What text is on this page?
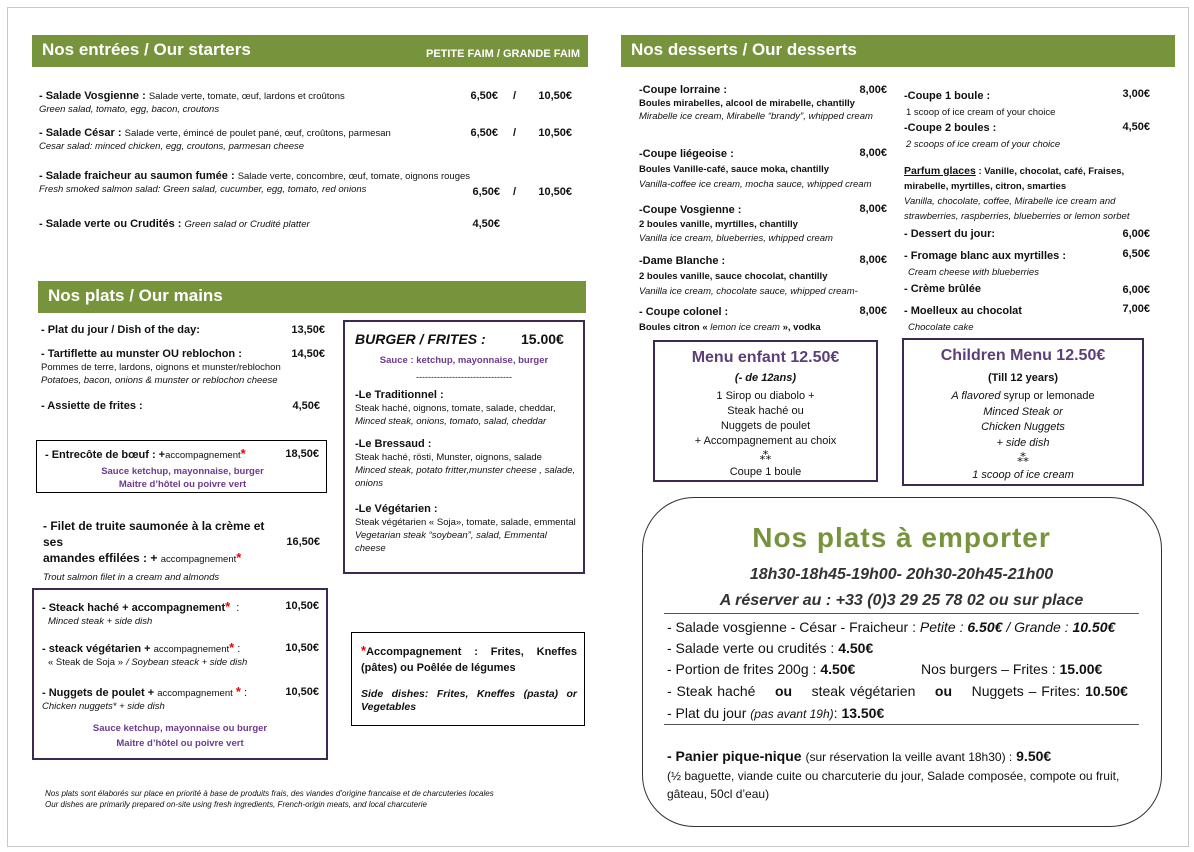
Nos entrées / Our starters	PETITE FAIM / GRANDE FAIM
- Salade Vosgienne : Salade verte, tomate, œuf, lardons et croûtons
Green salad, tomato, egg, bacon, croutons
6,50€	/	10,50€
- Salade César : Salade verte, émincé de poulet pané, œuf, croûtons, parmesan
Cesar salad: minced chicken, egg, croutons, parmesan cheese
6,50€	/	10,50€
- Salade fraicheur au saumon fumée : Salade verte, concombre, œuf, tomate, oignons rouges
Fresh smoked salmon salad: Green salad, cucumber, egg, tomato, red onions	6,50€	/	10,50€
- Salade verte ou Crudités : Green salad or Crudité platter	4,50€
Nos plats / Our mains
- Plat du jour / Dish of the day:	13,50€
- Tartiflette au munster OU reblochon :
Pommes de terre, lardons, oignons et munster/reblochon
Potatoes, bacon, onions & munster or reblochon cheese
14,50€
- Assiette de frites :	4,50€
- Entrecôte de bœuf : +accompagnement*	18,50€
Sauce ketchup, mayonnaise, burger
Maitre d’hôtel ou poivre vert
- Filet de truite saumonée à la crème et ses
amandes effilées : + accompagnement*
Trout salmon filet in a cream and almonds
16,50€
- Steack haché + accompagnement* :
Minced steak + side dish
10,50€
- steack végétarien + accompagnement* :
« Steak de Soja » / Soybean steack + side dish
10,50€
- Nuggets de poulet + accompagnement * :
Chicken nuggets* + side dish
10,50€
Sauce ketchup, mayonnaise ou burger
Maitre d’hôtel ou poivre vert
BURGER / FRITES :	15.00€
Sauce : ketchup, mayonnaise, burger
--------------------------------
-Le Traditionnel :
Steak haché, oignons, tomate, salade, cheddar,
Minced steak, onions, tomato, salad, cheddar
-Le Bressaud :
Steak haché, rösti, Munster, oignons, salade
Minced steak, potato fritter,munster cheese , salade, onions
-Le Végétarien :
Steak végétarien « Soja», tomate, salade, emmental
Vegetarian steak “soybean”, salad, Emmental cheese
*Accompagnement : Frites, Kneffes (pâtes) ou Poêlée de légumes
Side dishes: Frites, Kneffes (pasta) or Vegetables
Nos plats sont élaborés sur place en priorité à base de produits frais, des viandes d’origine francaise et de charcuteries locales
Our dishes are primarily prepared on-site using fresh ingredients, French-origin meats, and local charcuterie
Nos desserts / Our desserts
-Coupe lorraine :
Boules mirabelles, alcool de mirabelle, chantilly
Mirabelle ice cream, Mirabelle “brandy”, whipped cream
8,00€
-Coupe liégeoise :
Boules Vanille-café, sauce moka, chantilly
Vanilla-coffee ice cream, mocha sauce, whipped cream
8,00€
-Coupe Vosgienne :
2 boules vanille, myrtilles, chantilly
Vanilla ice cream, blueberries, whipped cream
8,00€
-Dame Blanche :
2 boules vanille, sauce chocolat, chantilly
Vanilla ice cream, chocolate sauce, whipped cream-
8,00€
- Coupe colonel :
Boules citron « lemon ice cream », vodka
8,00€
-Coupe 1 boule :
1 scoop of ice cream of your choice
3,00€
-Coupe 2 boules :
2 scoops of ice cream of your choice
4,50€
Parfum glaces : Vanille, chocolat, café, Fraises, mirabelle, myrtilles, citron, smarties
Vanilla, chocolate, coffee, Mirabelle ice cream and strawberries, raspberries, blueberries or lemon sorbet
- Dessert du jour:	6,00€
- Fromage blanc aux myrtilles :
Cream cheese with blueberries
6,50€
- Crème brûlée	6,00€
- Moelleux au chocolat
Chocolate cake
7,00€
Menu enfant 12.50€
(- de 12ans)
1 Sirop ou diabolo +
Steak haché ou
Nuggets de poulet
+ Accompagnement au choix
⁂
Coupe 1 boule
Children Menu 12.50€
(Till 12 years)
A flavored syrup or lemonade
Minced Steak or
Chicken Nuggets
+ side dish
⁂
1 scoop of ice cream
Nos plats à emporter
18h30-18h45-19h00- 20h30-20h45-21h00
A réserver au : +33 (0)3 29 25 78 02 ou sur place
- Salade vosgienne - César - Fraicheur : Petite : 6.50€ / Grande : 10.50€
- Salade verte ou crudités : 4.50€
- Portion de frites 200g : 4.50€	Nos burgers – Frites : 15.00€
- Steak haché ou steak végétarien ou Nuggets – Frites: 10.50€
- Plat du jour (pas avant 19h): 13.50€
- Panier pique-nique (sur réservation la veille avant 18h30) : 9.50€
(½ baguette, viande cuite ou charcuterie du jour, Salade composée, compote ou fruit, gâteau, 50cl d’eau)
